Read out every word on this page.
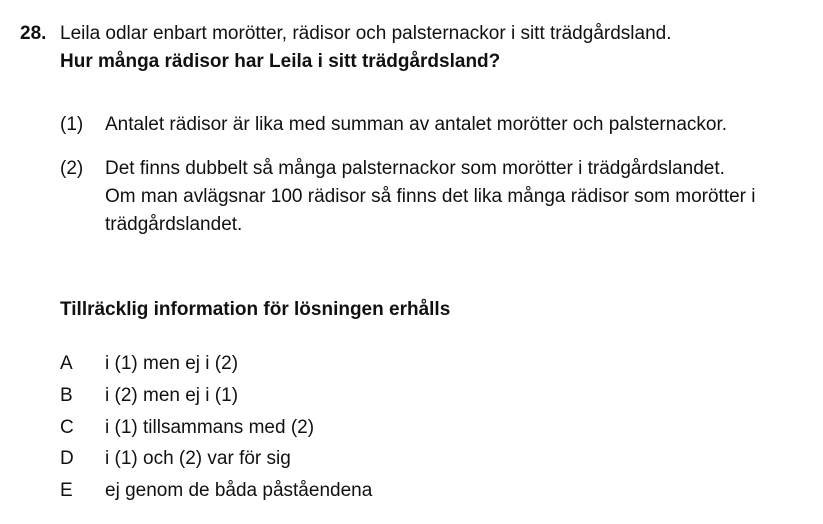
28. Leila odlar enbart morötter, rädisor och palsternackor i sitt trädgårdsland.
Hur många rädisor har Leila i sitt trädgårdsland?
(1) Antalet rädisor är lika med summan av antalet morötter och palsternackor.
(2) Det finns dubbelt så många palsternackor som morötter i trädgårdslandet.
Om man avlägsnar 100 rädisor så finns det lika många rädisor som morötter i
trädgårdslandet.
Tillräcklig information för lösningen erhålls
A i (1) men ej i (2)
B i (2) men ej i (1)
C i (1) tillsammans med (2)
D i (1) och (2) var för sig
E ej genom de båda påståendena
